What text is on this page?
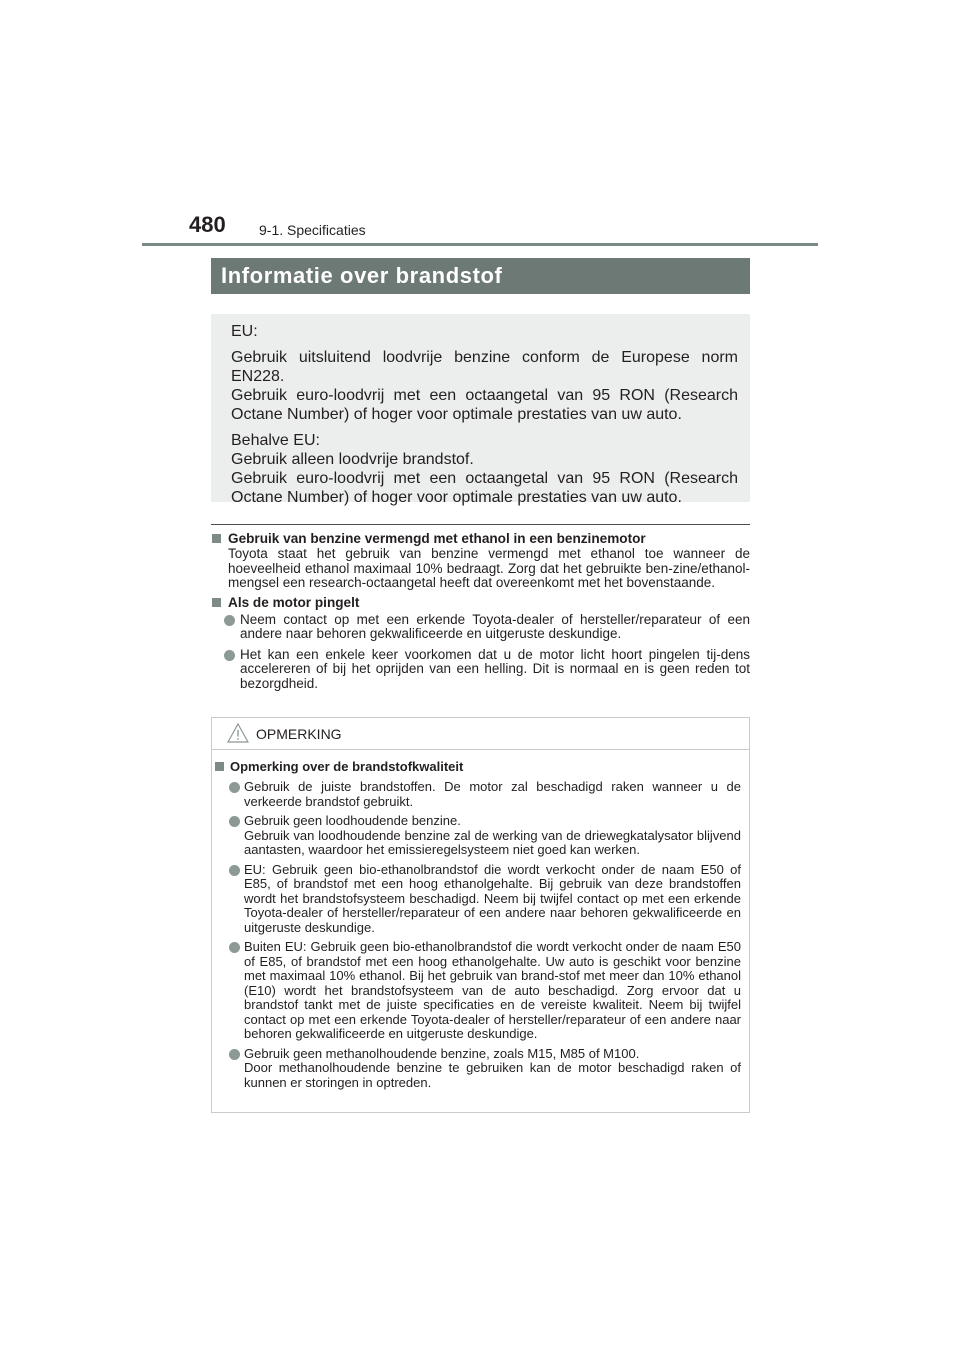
480 9-1. Specificaties
Informatie over brandstof

EU:

Gebruik uitsluitend loodvrije benzine conform de Europese norm EN228.

Gebruik euro-loodvrij met een octaangetal van 95 RON (Research Octane Number) of hoger voor optimale prestaties van uw auto.

Behalve EU:

Gebruik alleen loodvrije brandstof.

Gebruik euro-loodvrij met een octaangetal van 95 RON (Research Octane Number) of hoger voor optimale prestaties van uw auto.

Gebruik van benzine vermengd met ethanol in een benzinemotor
Toyota staat het gebruik van benzine vermengd met ethanol toe wanneer de hoeveelheid ethanol maximaal 10% bedraagt. Zorg dat het gebruikte ben-zine/ethanol-mengsel een research-octaangetal heeft dat overeenkomt met het bovenstaande.
Als de motor pingelt
Neem contact op met een erkende Toyota-dealer of hersteller/reparateur of een andere naar behoren gekwalificeerde en uitgeruste deskundige.
Het kan een enkele keer voorkomen dat u de motor licht hoort pingelen tij-dens accelereren of bij het oprijden van een helling. Dit is normaal en is geen reden tot bezorgdheid.
OPMERKING
Opmerking over de brandstofkwaliteit
Gebruik de juiste brandstoffen. De motor zal beschadigd raken wanneer u de verkeerde brandstof gebruikt.
Gebruik geen loodhoudende benzine.
Gebruik van loodhoudende benzine zal de werking van de driewegkatalysator blijvend aantasten, waardoor het emissieregelsysteem niet goed kan werken.
EU: Gebruik geen bio-ethanolbrandstof die wordt verkocht onder de naam E50 of E85, of brandstof met een hoog ethanolgehalte. Bij gebruik van deze brandstoffen wordt het brandstofsysteem beschadigd. Neem bij twijfel contact op met een erkende Toyota-dealer of hersteller/reparateur of een andere naar behoren gekwalificeerde en uitgeruste deskundige.
Buiten EU: Gebruik geen bio-ethanolbrandstof die wordt verkocht onder de naam E50 of E85, of brandstof met een hoog ethanolgehalte. Uw auto is geschikt voor benzine met maximaal 10% ethanol. Bij het gebruik van brand-stof met meer dan 10% ethanol (E10) wordt het brandstofsysteem van de auto beschadigd. Zorg ervoor dat u brandstof tankt met de juiste specificaties en de vereiste kwaliteit. Neem bij twijfel contact op met een erkende Toyota-dealer of hersteller/reparateur of een andere naar behoren gekwalificeerde en uitgeruste deskundige.
Gebruik geen methanolhoudende benzine, zoals M15, M85 of M100.
Door methanolhoudende benzine te gebruiken kan de motor beschadigd raken of kunnen er storingen in optreden.
